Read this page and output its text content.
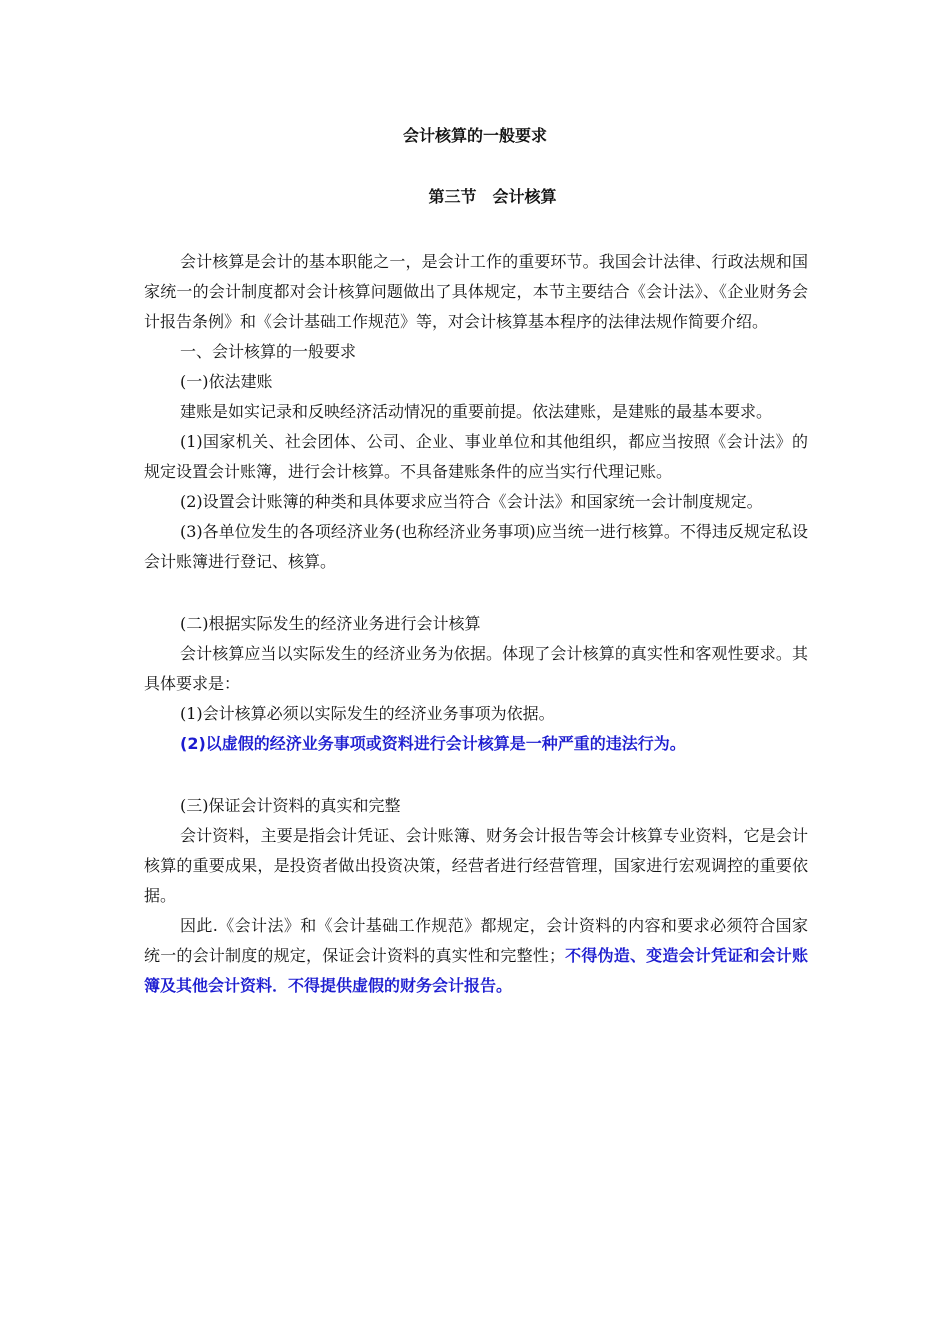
会计核算的一般要求
第三节　会计核算

会计核算是会计的基本职能之一，是会计工作的重要环节。我国会计法律、行政法规和国家统一的会计制度都对会计核算问题做出了具体规定，本节主要结合《会计法》、《企业财务会计报告条例》和《会计基础工作规范》等，对会计核算基本程序的法律法规作简要介绍。

一、会计核算的一般要求

(一)依法建账

建账是如实记录和反映经济活动情况的重要前提。依法建账，是建账的最基本要求。

(1)国家机关、社会团体、公司、企业、事业单位和其他组织，都应当按照《会计法》的规定设置会计账簿，进行会计核算。不具备建账条件的应当实行代理记账。

(2)设置会计账簿的种类和具体要求应当符合《会计法》和国家统一会计制度规定。

(3)各单位发生的各项经济业务(也称经济业务事项)应当统一进行核算。不得违反规定私设会计账簿进行登记、核算。

(二)根据实际发生的经济业务进行会计核算

会计核算应当以实际发生的经济业务为依据。体现了会计核算的真实性和客观性要求。其具体要求是：

(1)会计核算必须以实际发生的经济业务事项为依据。

(2)以虚假的经济业务事项或资料进行会计核算是一种严重的违法行为。

(三)保证会计资料的真实和完整

会计资料，主要是指会计凭证、会计账簿、财务会计报告等会计核算专业资料，它是会计核算的重要成果，是投资者做出投资决策，经营者进行经营管理，国家进行宏观调控的重要依据。

因此.《会计法》和《会计基础工作规范》都规定，会计资料的内容和要求必须符合国家统一的会计制度的规定，保证会计资料的真实性和完整性；不得伪造、变造会计凭证和会计账簿及其他会计资料．不得提供虚假的财务会计报告。
